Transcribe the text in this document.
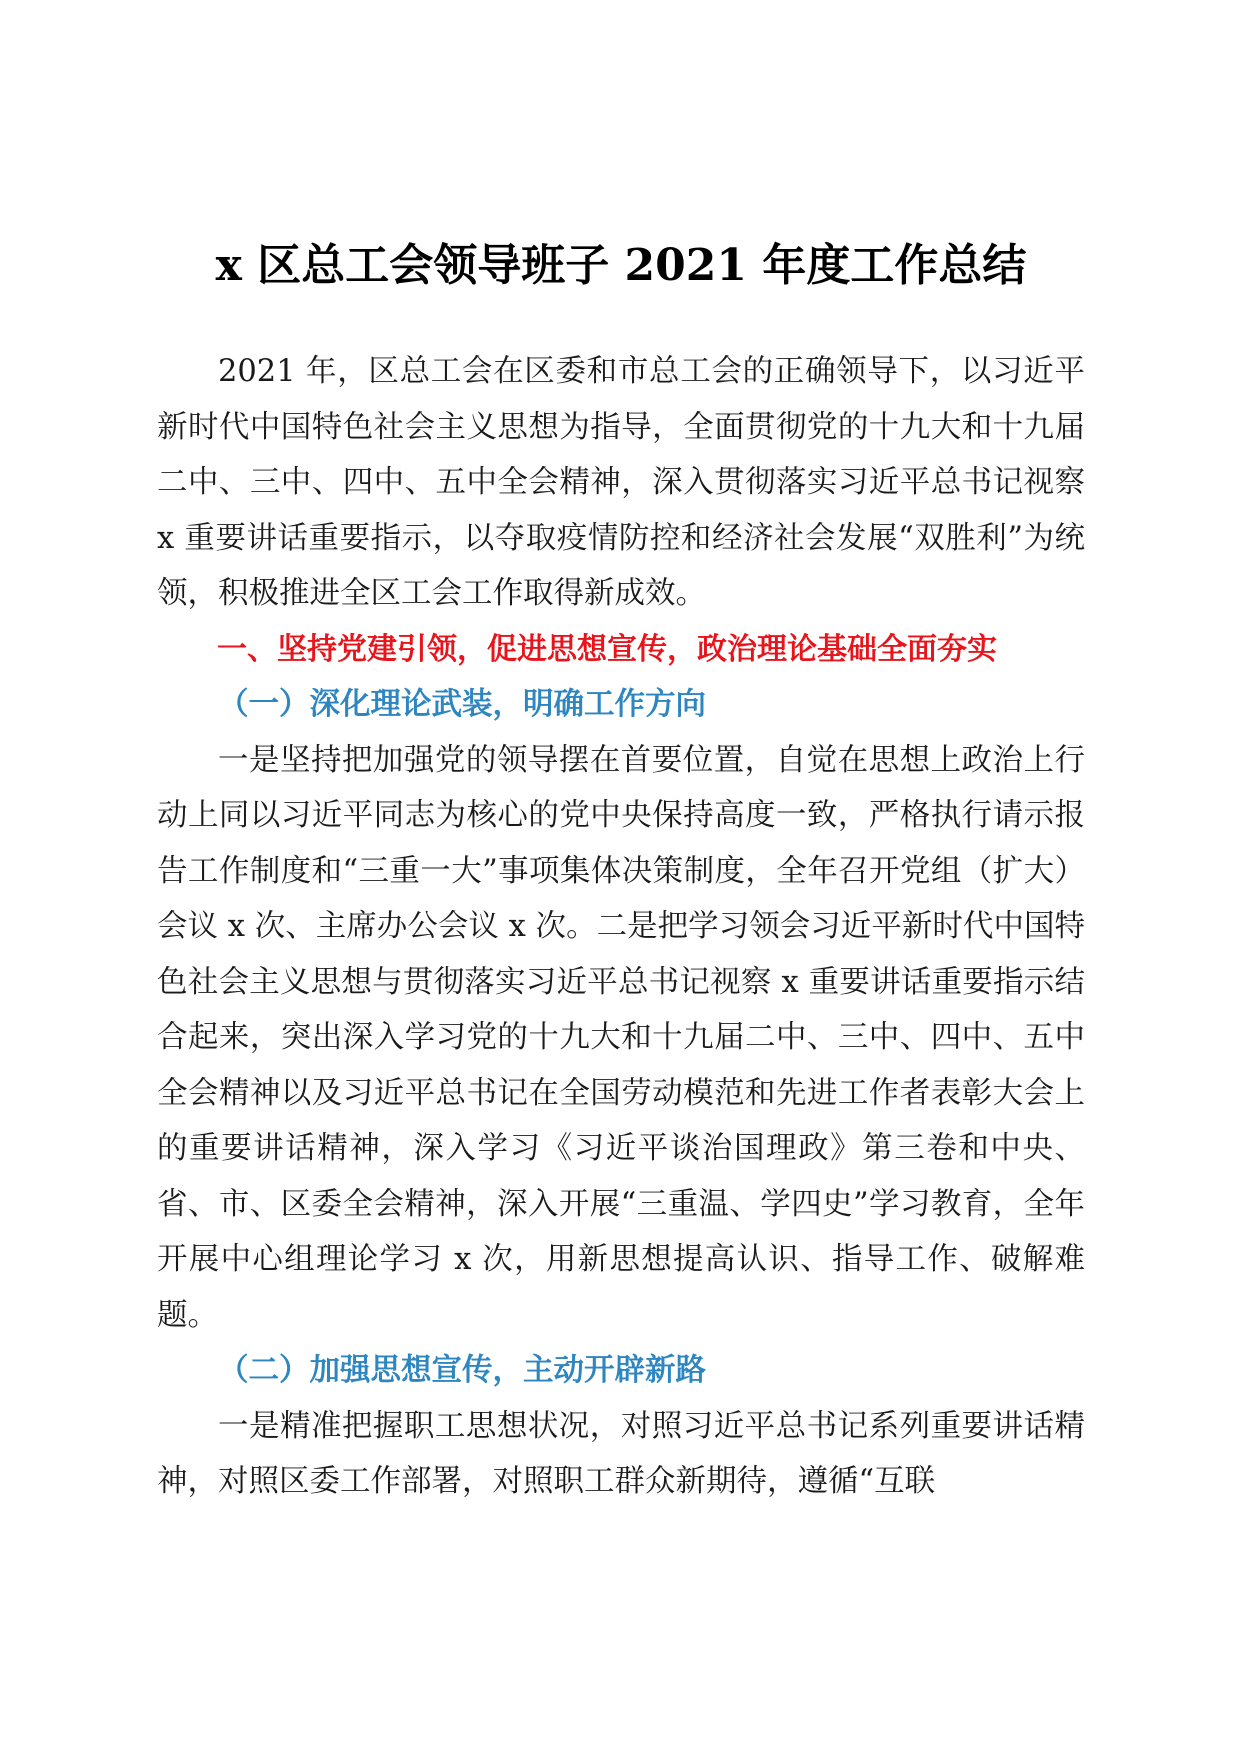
x 区总工会领导班子 2021 年度工作总结

2021 年，区总工会在区委和市总工会的正确领导下，以习近平新时代中国特色社会主义思想为指导，全面贯彻党的十九大和十九届二中、三中、四中、五中全会精神，深入贯彻落实习近平总书记视察 x 重要讲话重要指示，以夺取疫情防控和经济社会发展“双胜利”为统领，积极推进全区工会工作取得新成效。

一、坚持党建引领，促进思想宣传，政治理论基础全面夯实
（一）深化理论武装，明确工作方向

一是坚持把加强党的领导摆在首要位置，自觉在思想上政治上行动上同以习近平同志为核心的党中央保持高度一致，严格执行请示报告工作制度和“三重一大”事项集体决策制度，全年召开党组（扩大）会议 x 次、主席办公会议 x 次。二是把学习领会习近平新时代中国特色社会主义思想与贯彻落实习近平总书记视察 x 重要讲话重要指示结合起来，突出深入学习党的十九大和十九届二中、三中、四中、五中全会精神以及习近平总书记在全国劳动模范和先进工作者表彰大会上的重要讲话精神，深入学习《习近平谈治国理政》第三卷和中央、省、市、区委全会精神，深入开展“三重温、学四史”学习教育，全年开展中心组理论学习 x 次，用新思想提高认识、指导工作、破解难题。

（二）加强思想宣传，主动开辟新路

一是精准把握职工思想状况，对照习近平总书记系列重要讲话精神，对照区委工作部署，对照职工群众新期待，遵循“互联
